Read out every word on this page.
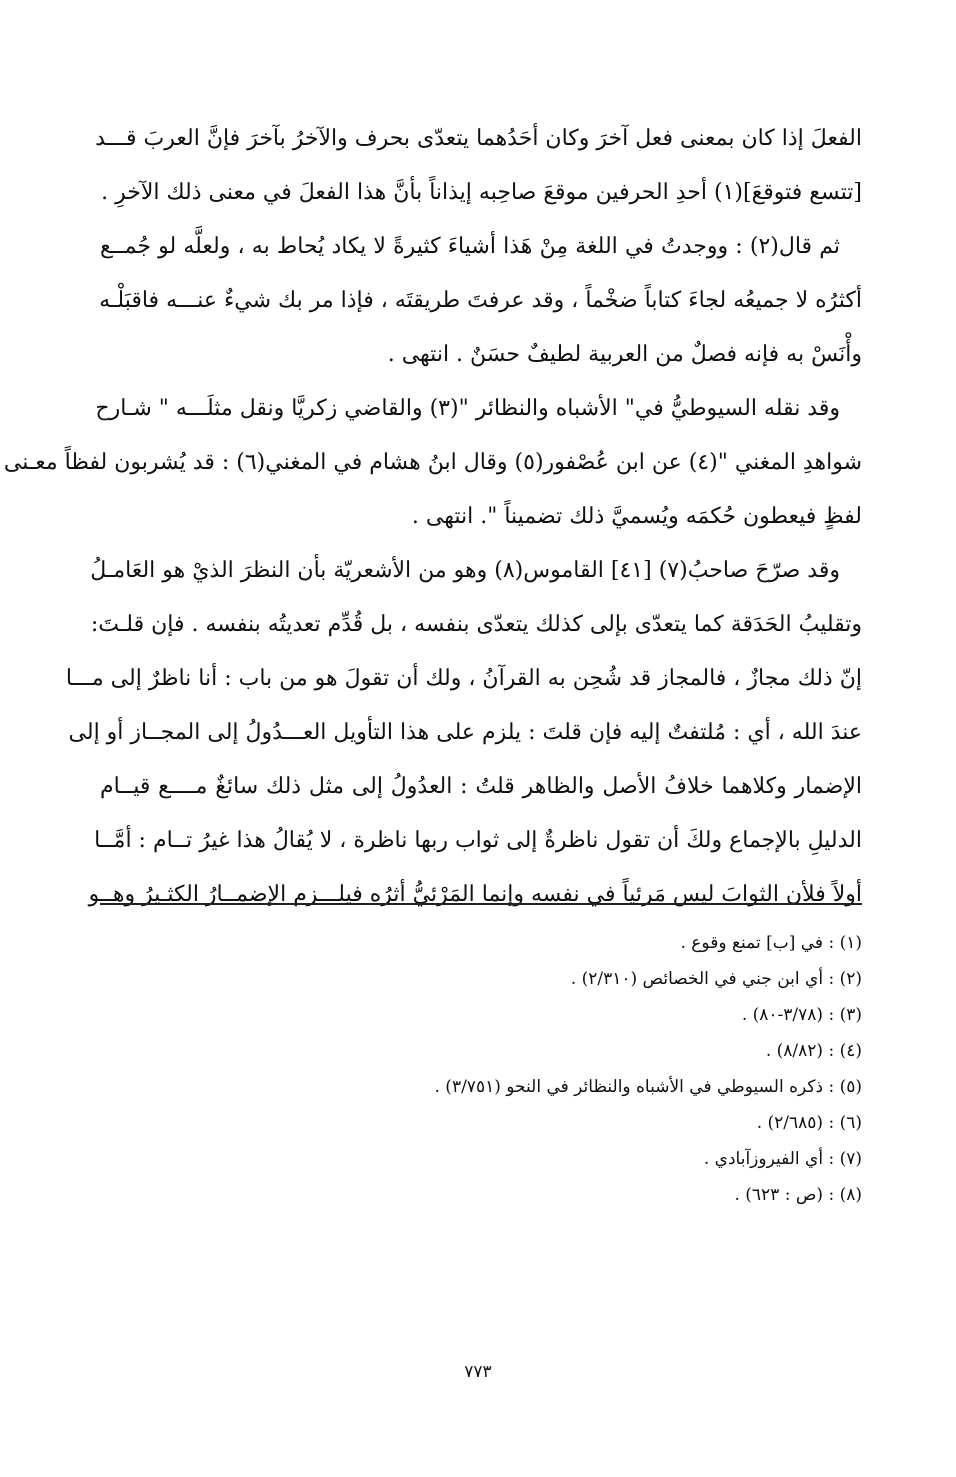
الفعلَ إذا كان بمعنى فعل آخرَ وكان أحَدُهما يتعدّى بحرف والآخرُ بآخرَ فإنَّ العربَ قـــد
[تتسع فتوقعَ](١) أحدِ الحرفين موقعَ صاحِبه إيذاناً بأنَّ هذا الفعلَ في معنى ذلك الآخرِ .
ثم قال(٢) : ووجدتُ في اللغة مِنْ هَذا أشياءَ كثيرةً لا يكاد يُحاط به ، ولعلَّه لو جُمــع
أكثرُه لا جميعُه لجاءَ كتاباً ضخْماً ، وقد عرفتَ طريقتَه ، فإذا مر بك شيءٌ عنـــه فاقبَلْـه
وأْنَسْ به فإنه فصلٌ من العربية لطيفٌ حسَنٌ . انتهى .
وقد نقله السيوطيُّ في" الأشباه والنظائر "(٣) والقاضي زكريَّا ونقل مثلَـــه " شـارح
شواهدِ المغني "(٤) عن ابن عُصْفور(٥) وقال ابنُ هشام في المغني(٦) : قد يُشربون لفظاً معـنى
لفظٍ فيعطون حُكمَه ويُسميَّ ذلك تضميناً ". انتهى .
وقد صرّحَ صاحبُ(٧) [٤١] القاموس(٨) وهو من الأشعريّة بأن النظرَ الذيْ هو العَامـلُ
وتقليبُ الحَدَقة كما يتعدّى بإلى كذلك يتعدّى بنفسه ، بل قُدِّم تعديتُه بنفسه . فإن قلـتَ:
إنّ ذلك مجازٌ ، فالمجاز قد شُحِن به القرآنُ ، ولك أن تقولَ هو من باب : أنا ناظرٌ إلى مـــا
عندَ الله ، أي : مُلتفتٌ إليه فإن قلتَ : يلزم على هذا التأويل العـــدُولُ إلى المجــاز أو إلى
الإضمار وكلاهما خلافُ الأصل والظاهر قلتُ : العدُولُ إلى مثل ذلك سائغٌ مــــع قيــام
الدليلِ بالإجماع ولكَ أن تقول ناظرةٌ إلى ثواب ربها ناظرة ، لا يُقالُ هذا غيرُ تــام : أمَّــا
أولاً فلأن الثوابَ ليس مَرئياً في نفسه وإنما المَرْئيُّ أثرُه فيلـــزم الإضمــارُ الكثـيرُ وهــو
(١) : في [ب] تمنع وقوع .
(٢) : أي ابن جني في الخصائص (٢/٣١٠) .
(٣) : (٣/٧٨-٨٠) .
(٤) : (٨/٨٢) .
(٥) : ذكره السيوطي في الأشباه والنظائر في النحو (٣/٧٥١) .
(٦) : (٢/٦٨٥) .
(٧) : أي الفيروزآبادي .
(٨) : (ص : ٦٢٣) .
٧٧٣
